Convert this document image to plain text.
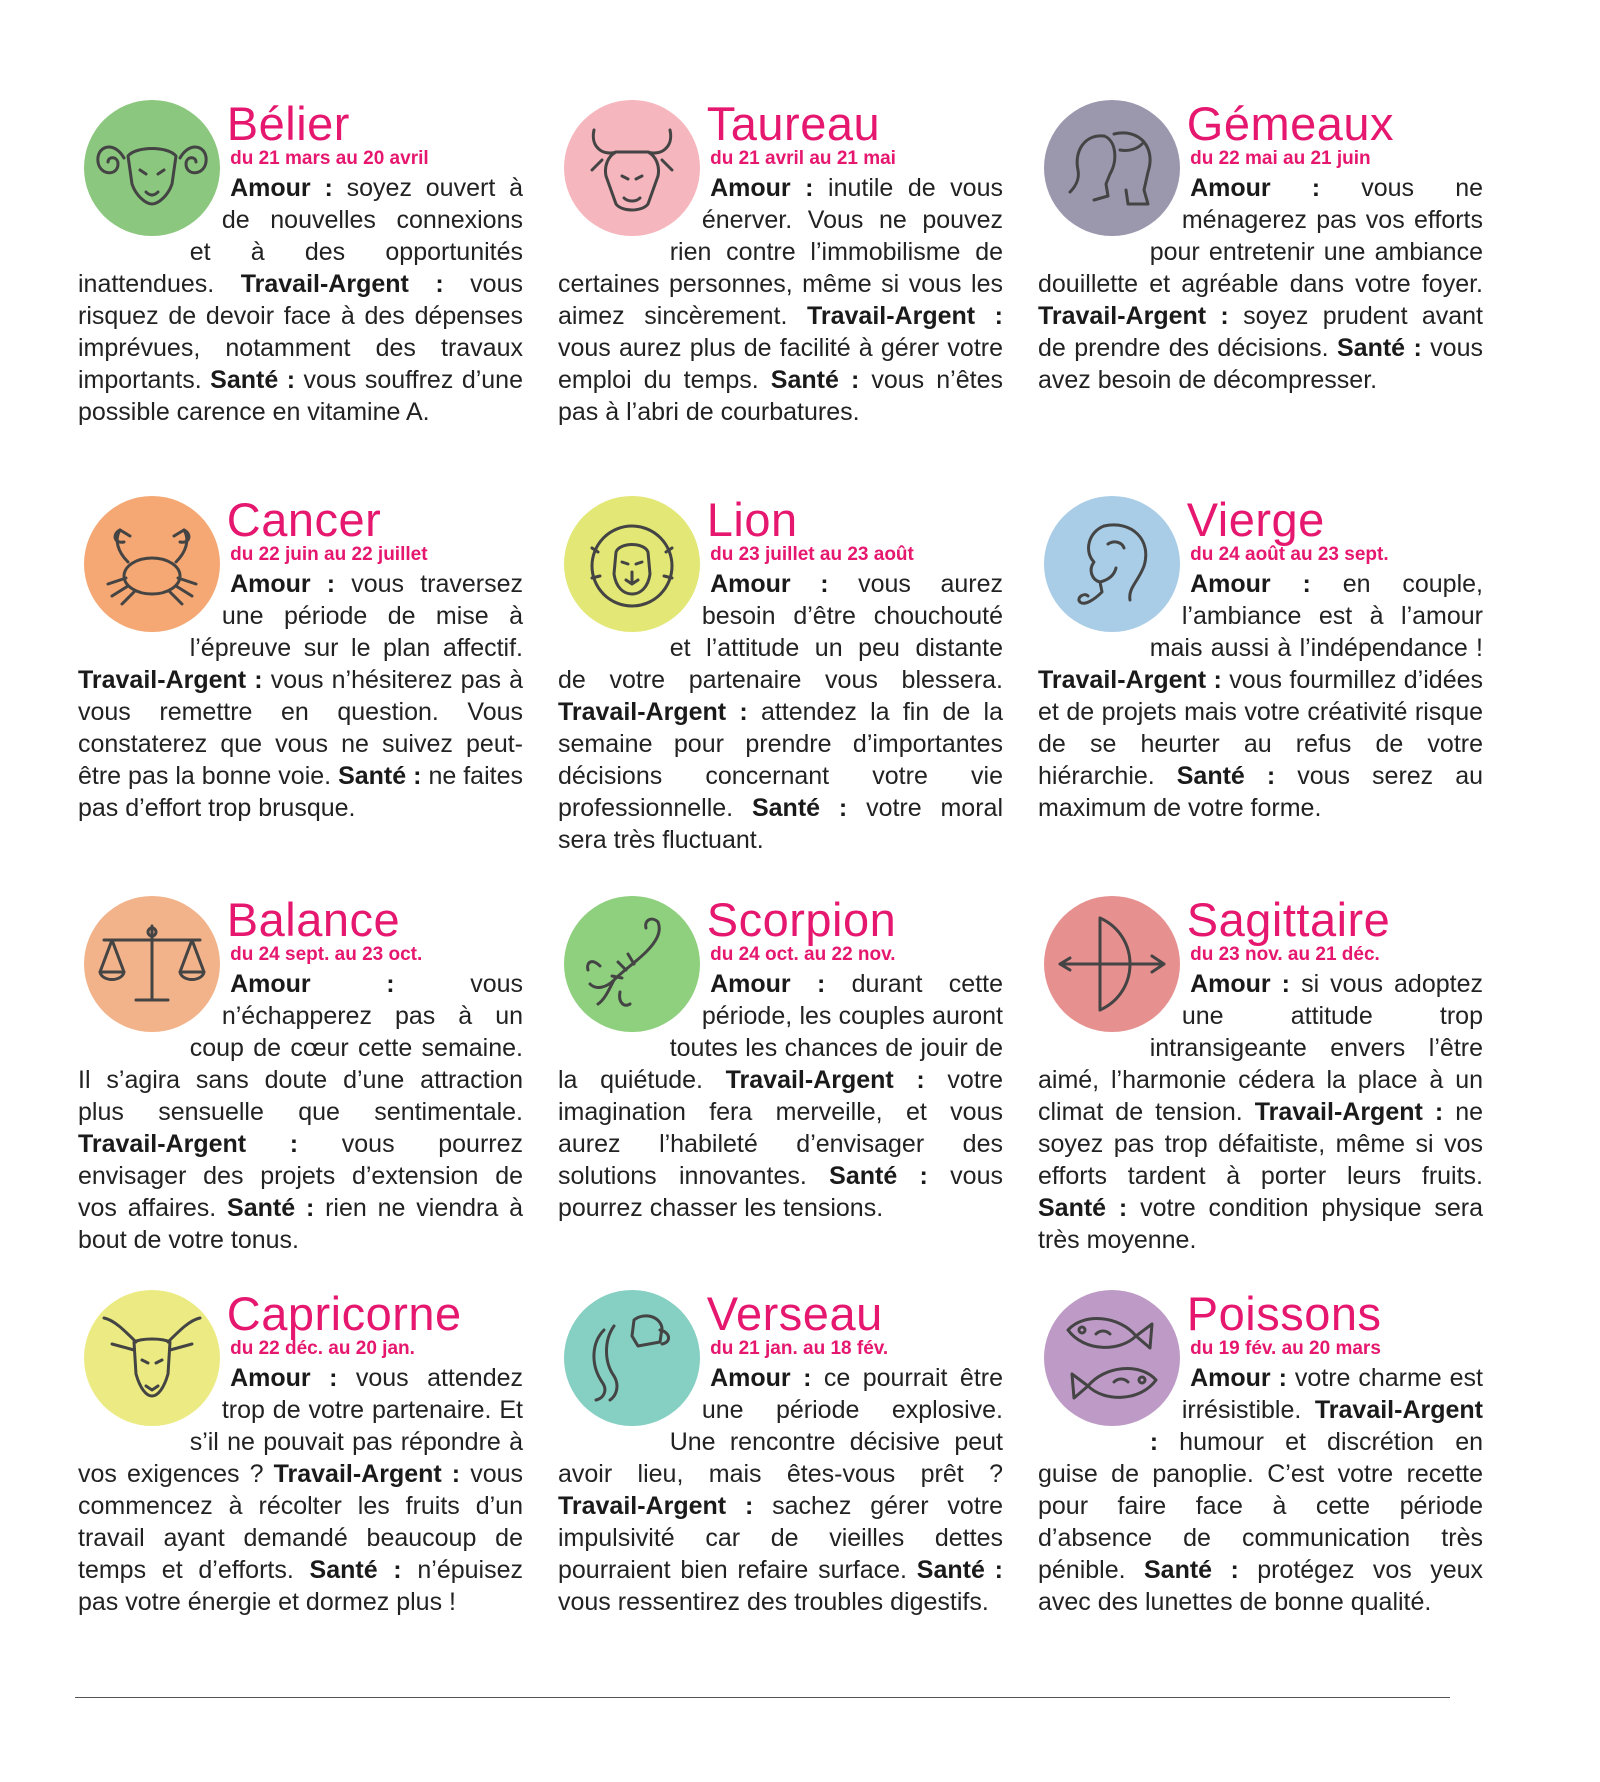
Bélier
du 21 mars au 20 avril
Amour : soyez ouvert à de nouvelles connexions et à des opportunités inattendues. Travail-Argent : vous risquez de devoir face à des dépenses imprévues, notamment des travaux importants. Santé : vous souffrez d’une possible carence en vitamine A.
Taureau
du 21 avril au 21 mai
Amour : inutile de vous énerver. Vous ne pouvez rien contre l’immobilisme de certaines personnes, même si vous les aimez sincèrement. Travail-Argent : vous aurez plus de facilité à gérer votre emploi du temps. Santé : vous n’êtes pas à l’abri de courbatures.
Gémeaux
du 22 mai au 21 juin
Amour : vous ne ménagerez pas vos efforts pour entretenir une ambiance douillette et agréable dans votre foyer. Travail-Argent : soyez prudent avant de prendre des décisions. Santé : vous avez besoin de décompresser.
Cancer
du 22 juin au 22 juillet
Amour : vous traversez une période de mise à l’épreuve sur le plan affectif. Travail-Argent : vous n’hésiterez pas à vous remettre en question. Vous constaterez que vous ne suivez peut-être pas la bonne voie. Santé : ne faites pas d’effort trop brusque.
Lion
du 23 juillet au 23 août
Amour : vous aurez besoin d’être chouchouté et l’attitude un peu distante de votre partenaire vous blessera. Travail-Argent : attendez la fin de la semaine pour prendre d’importantes décisions concernant votre vie professionnelle. Santé : votre moral sera très fluctuant.
Vierge
du 24 août au 23 sept.
Amour : en couple, l’ambiance est à l’amour mais aussi à l’indépendance ! Travail-Argent : vous fourmillez d’idées et de projets mais votre créativité risque de se heurter au refus de votre hiérarchie. Santé : vous serez au maximum de votre forme.
Balance
du 24 sept. au 23 oct.
Amour : vous n’échapperez pas à un coup de cœur cette semaine. Il s’agira sans doute d’une attraction plus sensuelle que sentimentale. Travail-Argent : vous pourrez envisager des projets d’extension de vos affaires. Santé : rien ne viendra à bout de votre tonus.
Scorpion
du 24 oct. au 22 nov.
Amour : durant cette période, les couples auront toutes les chances de jouir de la quiétude. Travail-Argent : votre imagination fera merveille, et vous aurez l’habileté d’envisager des solutions innovantes. Santé : vous pourrez chasser les tensions.
Sagittaire
du 23 nov. au 21 déc.
Amour : si vous adoptez une attitude trop intransigeante envers l’être aimé, l’harmonie cédera la place à un climat de tension. Travail-Argent : ne soyez pas trop défaitiste, même si vos efforts tardent à porter leurs fruits. Santé : votre condition physique sera très moyenne.
Capricorne
du 22 déc. au 20 jan.
Amour : vous attendez trop de votre partenaire. Et s’il ne pouvait pas répondre à vos exigences ? Travail-Argent : vous commencez à récolter les fruits d’un travail ayant demandé beaucoup de temps et d’efforts. Santé : n’épuisez pas votre énergie et dormez plus !
Verseau
du 21 jan. au 18 fév.
Amour : ce pourrait être une période explosive. Une rencontre décisive peut avoir lieu, mais êtes-vous prêt ? Travail-Argent : sachez gérer votre impulsivité car de vieilles dettes pourraient bien refaire surface. Santé : vous ressentirez des troubles digestifs.
Poissons
du 19 fév. au 20 mars
Amour : votre charme est irrésistible. Travail-Argent : humour et discrétion en guise de panoplie. C’est votre recette pour faire face à cette période d’absence de communication très pénible. Santé : protégez vos yeux avec des lunettes de bonne qualité.
